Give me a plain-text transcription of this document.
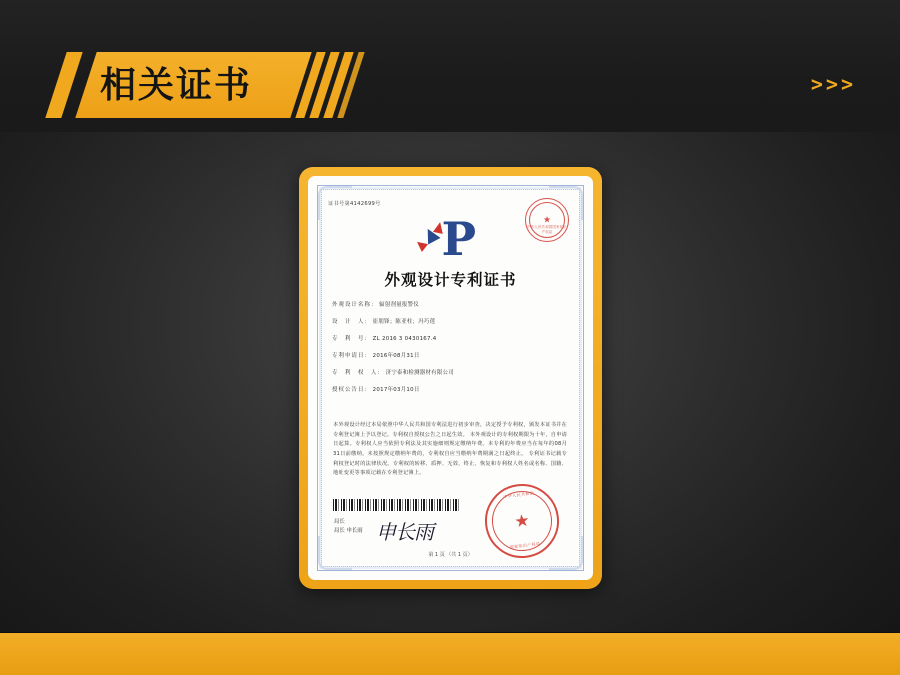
相关证书	>>>
证书号第4142699号
★
中华人民共和国国家知识产权局
P
外观设计专利证书
外观设计名称： 辐射剂量报警仪
设　计　人： 崔朋锋；陈亚柱；冯巧莲
专　利　号： ZL 2016 3 0430167.4
专利申请日： 2016年08月31日
专　利　权　人： 济宁泰和检测器材有限公司
授权公告日： 2017年03月10日
本外观设计经过本局依照中华人民共和国专利法进行初步审查，决定授予专利权，颁发本证书并在专利登记簿上予以登记。专利权自授权公告之日起生效。 本外观设计的专利权期限为十年，自申请日起算。专利权人应当依照专利法及其实施细则规定缴纳年费。本专利的年费应当在每年的08月31日前缴纳。未按照规定缴纳年费的，专利权自应当缴纳年费期满之日起终止。 专利证书记载专利权登记时的法律状况。专利权的转移、质押、无效、终止、恢复和专利权人姓名或名称、国籍、地址变更等事项记载在专利登记簿上。
局长
局长 申长雨 申长雨
中华人民共和国
★
国家知识产权局
第 1 页 （共 1 页）
